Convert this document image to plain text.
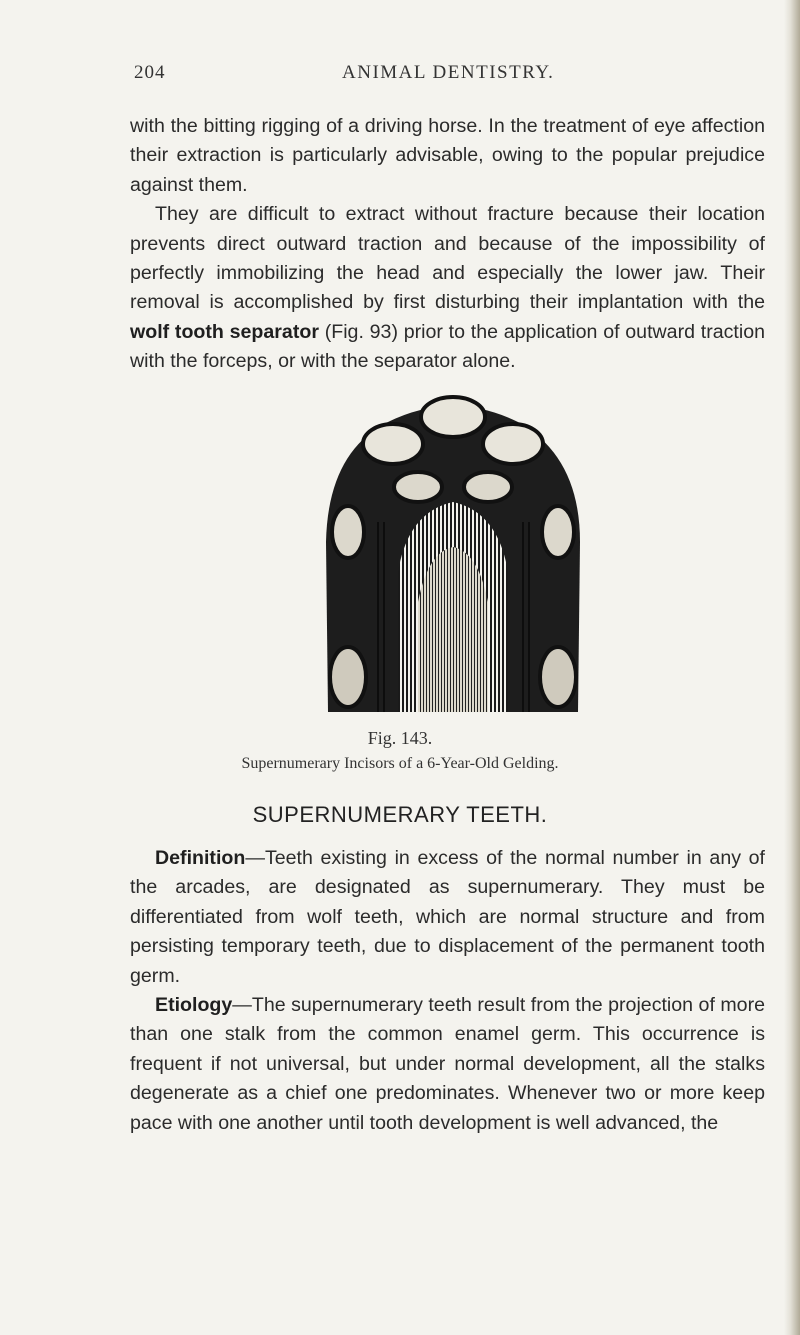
204	ANIMAL DENTISTRY.

with the bitting rigging of a driving horse. In the treatment of eye affection their extraction is particularly advisable, owing to the popular prejudice against them.

They are difficult to extract without fracture because their location prevents direct outward traction and because of the impossibility of perfectly immobilizing the head and especially the lower jaw. Their removal is accomplished by first disturbing their implantation with the wolf tooth separator (Fig. 93) prior to the application of outward traction with the forceps, or with the separator alone.

Fig. 143.
Supernumerary Incisors of a 6-Year-Old Gelding.
SUPERNUMERARY TEETH.

Definition—Teeth existing in excess of the normal number in any of the arcades, are designated as supernumerary. They must be differentiated from wolf teeth, which are normal structure and from persisting temporary teeth, due to displacement of the permanent tooth germ.

Etiology—The supernumerary teeth result from the projection of more than one stalk from the common enamel germ. This occurrence is frequent if not universal, but under normal development, all the stalks degenerate as a chief one predominates. Whenever two or more keep pace with one another until tooth development is well advanced, the
